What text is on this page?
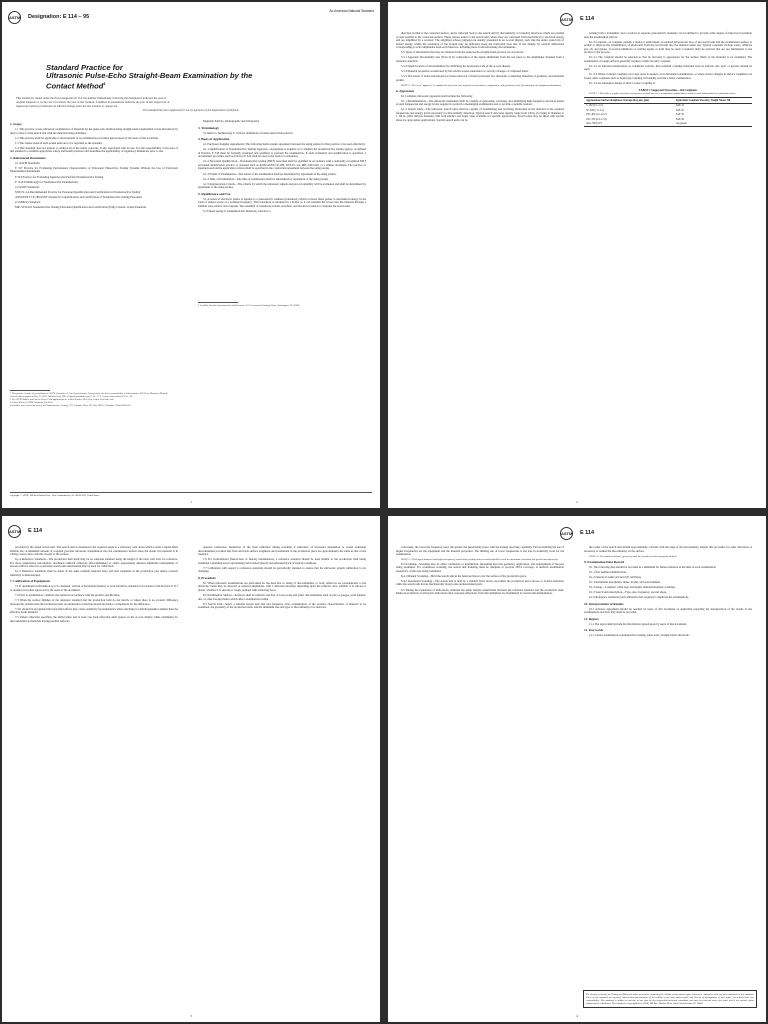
ASTM Designation: E 114 – 95
An American National Standard
Standard Practice for
Ultrasonic Pulse-Echo Straight-Beam Examination by the
Contact Method$^1$
This standard is issued under the fixed designation E 114; the number immediately following the designation indicates the year of
original adoption or, in the case of revision, the year of last revision. A number in parentheses indicates the year of last reapproval. A
superscript epsilon (ε) indicates an editorial change since the last revision or reapproval.
This standard has been approved for use by agencies of the Department of Defense.
1. Scope

1.1 This practice covers ultrasonic examination of materials by the pulse-echo method using straight-beam longitudinal waves introduced by direct contact of the search unit with the material being examined.

1.2 This practice shall be applicable to development of an examination procedure agreed upon by the users of the document.

1.3 The values stated in inch-pound units are to be regarded as the standard.

1.4 This standard does not purport to address all of the safety concerns, if any, associated with its use. It is the responsibility of the user of this standard to establish appropriate safety and health practices and determine the applicability of regulatory limitations prior to use.

2. Referenced Documents

2.1 ASTM Standards:

E 317 Practice for Evaluating Performance Characteristics of Ultrasonic Pulse-Echo Testing Systems Without the Use of Electronic Measurement Instruments

E 543 Practice for Evaluating Agencies that Perform Nondestructive Testing

E 1316 Terminology for Nondestructive Examinations

2.2 ASNT Standards:

SNT-TC-1A Recommended Practice for Personnel Qualification and Certification in Nondestructive Testing

ANSI/ASNT CP-189 ASNT Standard for Qualification and Certification of Nondestructive Testing Personnel

2.3 Military Standard:

MIL-STD-410 Nondestructive Testing Personnel Qualification and Certification (Eddy Current, Liquid Penetrant,

Magnetic Particle, Radiographic and Ultrasonic)

3. Terminology

3.1 Refer to Terminology E 1316 for definitions of terms used in this practice.

4. Basis of Application

4.1 Purchaser-Supplier Agreements: The following items require agreement between the using parties for this practice to be used effectively:

4.1.1 Qualification of Nondestructive Testing Agencies—Agreement is required as to whether the nondestructive testing agency, as defined in Practice E 543 must be formally evaluated and qualified to perform the examination. If such evaluation and qualification is specified, a documented procedure such as Practice E 543 shall be used as the basis for evaluation.

4.1.2 Personnel Qualification—Nondestructive testing (NDT) personnel shall be qualified in accordance with a nationally recognized NDT personnel qualification practice or standard such as ANSI/ASNT-CP-189, SNT-TC-1A, MIL-STD-410, or a similar document. The practice or standard used and its applicable revision shall be specified in the contractual agreement between the using parties.

4.1.3 Extent of Examination—The extent of the examination shall be determined by agreement of the using parties.

4.1.4 Time of Examination—The time of examination shall be determined by agreement of the using parties.

4.1.5 Interpretation Criteria—The criteria by which the ultrasonic signals and part acceptability will be evaluated and shall be determined by agreement of the using parties.

5. Significance and Use

5.1 A series of electrical pulses is applied to a piezoelectric element (transducer) which converts these pulses to mechanical energy in the form of pulsed waves at a nominal frequency. This transducer is mounted in a holder so it can transmit the waves into the material through a suitable wear surface and couplant. The assembly of transducer, holder, wearface, and electrical connector comprise the search unit.

5.2 Pulsed energy is transmitted into materials, travels in a

1 This practice is under the jurisdiction of ASTM Committee E-7 on Nondestructive Testing and is the direct responsibility of Subcommittee E07.06 on Ultrasonic Method.
Current edition approved May 15, 1995. Published July 1995. Originally published as E 114 – 57 T. Last previous edition E 114 – 90.
2 For ASTM Mobile and Process Vessel Code applications see related Practice SE-114 in Section II of that Code.
3 Annual Book of ASTM Standards, Vol 03.03.
4 Available from American Society for Nondestructive Testing, 1711 Arlingate Plaza, P.O. Box 28518, Columbus, OH 43228-0518.
5 Available from the Superintendent of Documents, U.S. Government Printing Office, Washington, DC 20402.
Copyright © ASTM, 100 Barr Harbor Drive, West Conshohocken, PA 19428-2959, United States.
1
ASTM E 114

direction normal to the contacted surface, and is reflected back to the search unit by discontinuity or boundary interfaces which are parallel or near parallel to the contacted surface. These echoes return to the search unit, where they are converted from mechanical to electrical energy and are amplified by a receiver. The amplified echoes (signals) are usually presented in an A-scan display, such that the entire round trip of pulsed energy within the resolution of the system may be indicated along the horizontal base line of the display by vertical deflections corresponding to echo amplitudes from each interface, including those from intervening discontinuities.

5.3 Types of information that may be obtained from the pulsed-echo straight-beam practice are as follows:

5.3.1 Apparent discontinuity size (Note 2) by comparison of the signal amplitudes from the test piece to the amplitudes obtained from a reference standard.

5.3.2 Depth location of discontinuities by calibrating the horizontal scale of the A-scan display.

5.3.3 Material properties as indicated by the relative sound attenuation or velocity changes of compared items.

5.3.4 The extent of bond and unbond (or fusion and lack of fusion) between two ultrasonic conducting materials of geometry and materials permit.

NOTE 2—The term “apparent” is emphasized since true size depends on orientation, composition, and geometry of the discontinuity and equipment limitations.

6. Apparatus

6.1 Complete ultrasonic apparatus shall include the following:

6.1.1 Instrumentation—The ultrasonic instrument shall be capable of generating, receiving, and amplifying high-frequency electrical pulses at such frequencies and energy levels required to perform a meaningful examination and to provide a suitable readout.

6.1.2 Search Units—The ultrasonic search units shall be capable of transmitting and receiving ultrasound in the material at the required frequencies and energy levels necessary for discontinuity detection. Typical search unit sizes usually range from 1/8 in. (3.2 mm) in diameter to 1 1/8 in. (28.6 mm) in diameter with both smaller and larger sizes available for specific applications. Search units may be fitted with special shoes for appropriate applications. Special search units can be

passing both a transmitter and a receiver as separate piezoelectric elements can be utilized to provide some degree of improved resolution near the examination surface.

6.1.3 Couplant—A couplant, usually a liquid or semi-liquid, is required between the face of the search unit and the examination surface to permit or improve the transmittance of ultrasound from the search unit into the material under test. Typical couplants include water, cellulose gel, oil, and grease. Corrosion inhibitors or wetting agents or both may be used. Couplants must be selected that are not detrimental to the product or the process.

6.1.3.1 The couplant should be selected so that its viscosity is appropriate for the surface finish of the material to be examined. The examination of rough surfaces generally requires a high viscosity couplant.

6.1.3.2 At elevated temperatures as conditions warrant, heat resistant coupling materials such as silicone oils, gels, or greases should be used.

6.1.3.3 Where constant coupling over large areas is needed, as in automated examination, or where severe changes in surface roughness are found, other couplants such as liquid gap coupling will usually provide a better examination.

6.1.3.4 An alternative means of direct contact coupling is

TABLE 1 Suggested Viscosities—Oil Couplants
NOTE 1—This table is a guide only and is not meant to exclude the use of a particular couplant that is found to work satisfactorily on a particular surface.
Approximate Surface Roughness Average (Ra), μin. (μm)	Equivalent Couplant Viscosity, Weight Motor Oil
5–100 (0.1–2.5)	SAE 10
50–200 (1.3–5.1)	SAE 20
100–400 (2.5–10.2)	SAE 30
250–700 (6.4–17.8)	SAE 40
Over 700 (18+)	cup grease
2
ASTM E 114

provided by the wheel search unit. The search unit is mounted in the required angle to a stationary axle about which rotates a liquid-filled flexible tire. A minimum amount of couplant provides ultrasonic transmission into the examination surface since the elastic tire material is in rolling contact and conforms closely to the surface.

6.1.4 Reference Standards—The production item itself may be an adequate standard using the height of the back wall echo for reference. For more quantitative information, machined artificial reflectors (discontinuities) or charts representing distance-amplitude relationships of known reflector sizes for a particular search unit and material may be used for calibration.

6.1.5 Reference standards shall be made of the same nominal material alloy and heat treatment as the production part unless acoustic similarity is demonstrated.

7. Calibration of Equipment

7.1 If quantitative information is to be obtained, vertical or horizontal linearity or both should be checked in accordance with Practice E 317 or another procedure approved by the users of the document.

7.2 Prior to examination, calibrate the system in accordance with the product specification.

7.3 When the surface finishes of the reference standard and the production item do not match, or where there is an acoustic difference between the standard and the production item, an attenuation correction should be made to compensate for the difference.

7.4 It should be recognized that near-field effects may cause sensitivity inconsistencies when searching for inhomogeneities smaller than the effective beam diameter.

7.5 Unless otherwise specified, the initial pulse and at least one back reflection shall appear on the A-scan display while examining for discontinuities in materials having parallel surfaces.

operator preference. Reduction of the back reflection during scanning is indicative of increased attenuation or sound scattering discontinuities provided that front and back surface roughness and parallelism of the production piece are approximately the same as that of the standard.

7.6 For bond/unbond (fusion/lack of fusion) examinations, a reference standard should be used similar to the production item being examined containing areas representing both bonded (fused) and unbonded (lack of fusion) conditions.

7.7 Calibration with respect to reference standards should be periodically checked to ensure that the ultrasonic system calibration is not changing.

8. Procedure

8.1 When ultrasonic examinations are performed for the detection or sizing of discontinuities, or both, reflectors are perpendicular to the ultrasonic beam may be detected at reduced amplitudes, with a distorted envelope depending upon the reflector area, whether it is curved or planar, whether it is smooth or rough, perhaps with refracting faces.

8.2 Examination Surface—Surfaces shall be uniform and free of loose scale and paint, discontinuities such as pits or gouges, weld splatter, dirt, or other foreign matter which affect examination results.

8.3 Search Unit—Select a suitable search unit size and frequency after consideration of the acoustic characteristics of material to be examined, the geometry of the production item, and the minimum size and type of discontinuity to be detected.

3
ASTM E 114

conversely, the lower the frequency used, the greater the penetrating power with decreasing resolving capability. Factors limiting the use of higher frequencies are the equipment and the material properties. The limiting use of lower frequencies is the loss in sensitivity level for the examination.

NOTE 3—The largest diameter and highest frequency search unit yielding desired results should be used for maximum resolution and good beam directivity.

8.4 Scanning—Scanning may be either continuous or intermittent, depending upon the geometry, application, and requirements of the part being examined. For continuous scanning, the search unit indexing must be adequate to provide 100% coverage, at uniform examination sensitivity, of the area being examined.

8.4.1 Manual Scanning—Hold the search unit in the hand and move over the surface of the production piece.

8.4.2 Automated Scanning—The search unit is held by a suitable fixed device and either the production piece moves or is held stationary while the search unit moves mechanically along some predetermined path.

8.5 During the evaluation of indications, maintain the same relative sensitivities between the reference standard and the production item. Make an evaluation of ultrasonic indications after response reflections from discontinuities are maximized by search unit manipulation.

the center of the search unit should approximately coincide with the edge of the discontinuity. Repeat this procedure for other directions as necessary to outline the discontinuity on the surface.

NOTE 4—For rounded surfaces, geometry must be considered when using this method.

9. Examination Data Record

9.1 The following data should be recorded as a minimum for future reference at the time of each examination:

9.1.1 Part number identification,

9.1.2 Operator's name and level (if certified),

9.1.3 Instrument description, make, model, and serial number,

9.1.4 Setup—Couplant, cable type and length, manual/automatic scanning,

9.1.5 Search unit description—Type, size, frequency, special shoes,

9.1.6 Reference standards (and calibration data required to duplicate the examination).

10. Interpretation of Results

10.1 Advance agreement should be reached by users of this document as applicable regarding the interpretation of the results of the examinations and how they shall be recorded.

11. Report

11.1 The report shall include the information agreed upon by users of this document.

12. Keywords

12.1 contact examination; nondestructive testing; pulse-echo; straight-beam; ultrasonic

The American Society for Testing and Materials takes no position respecting the validity of any patent rights asserted in connection with any item mentioned in this standard. Users of this standard are expressly advised that determination of the validity of any such patent rights, and the risk of infringement of such rights, are entirely their own responsibility. This standard is subject to revision at any time by the responsible technical committee and must be reviewed every five years and if not revised, either reapproved or withdrawn. This standard is copyrighted by ASTM, 100 Barr Harbor Drive, West Conshohocken, PA 19428.
4
